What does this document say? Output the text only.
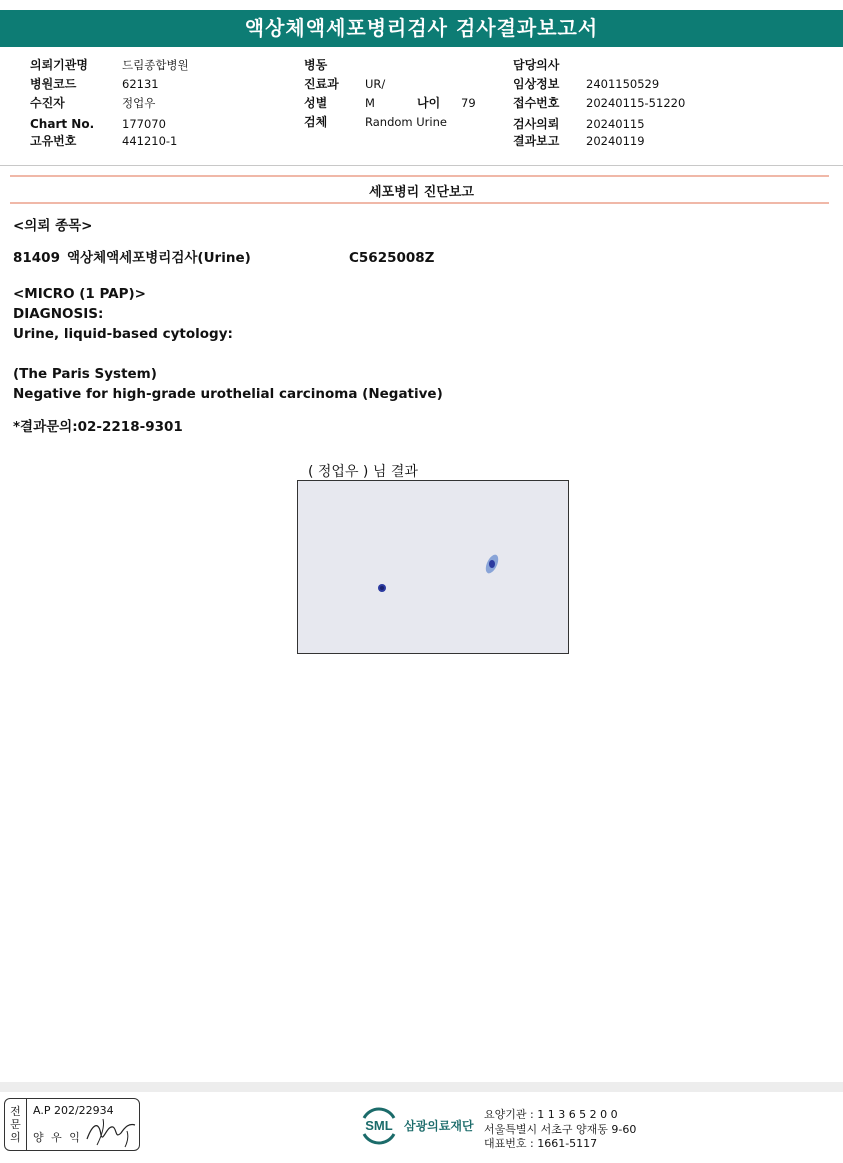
액상체액세포병리검사 검사결과보고서
의뢰기관명	드림종합병원
병원코드	62131
수진자	정업우
Chart No. 177070
고유번호	441210-1
병동
진료과 UR/
성별	M	나이 79
검체	Random Urine
담당의사
임상정보 2401150529
접수번호 20240115-51220
검사의뢰 20240115
결과보고 20240119
세포병리 진단보고
<의뢰 종목>
81409 액상체액세포병리검사(Urine)	C5625008Z
<MICRO (1 PAP)>
DIAGNOSIS:
Urine, liquid-based cytology:
(The Paris System)
Negative for high-grade urothelial carcinoma (Negative)
*결과문의:02-2218-9301
( 정업우 ) 님 결과
전문의
A.P 202/22934
양 우 익
SML 삼광의료재단
요양기관 : 1 1 3 6 5 2 0 0
서울특별시 서초구 양재동 9-60
대표번호 : 1661-5117
